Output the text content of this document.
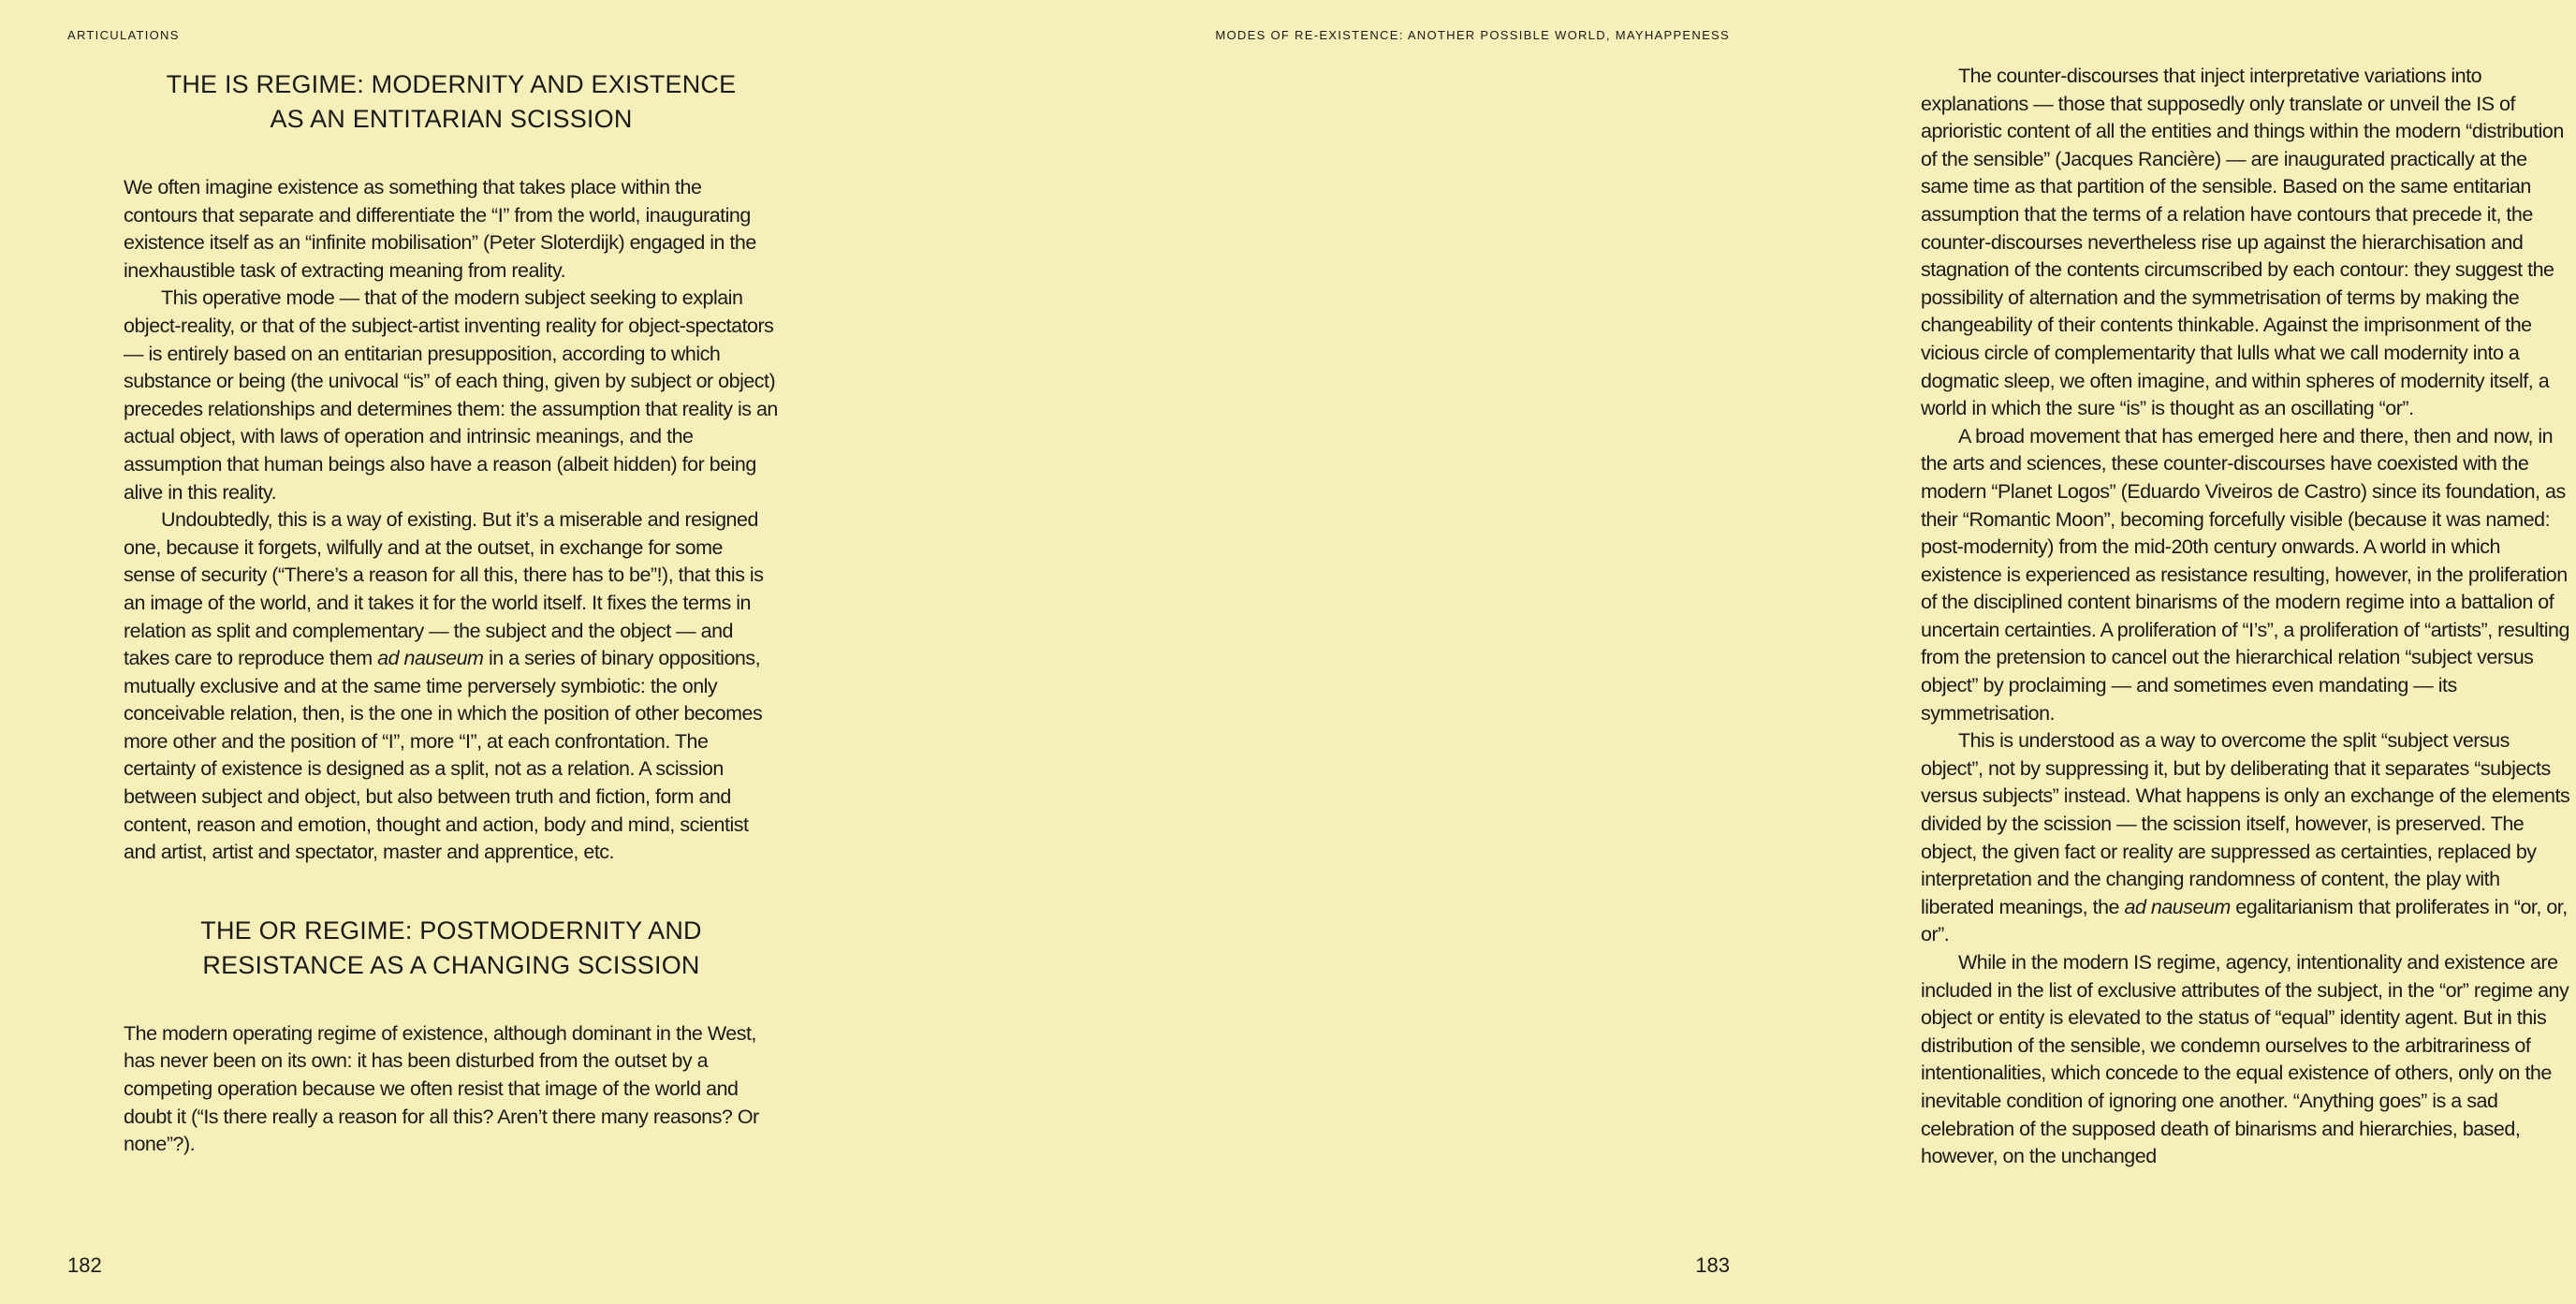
ARTICULATIONS
THE IS REGIME: MODERNITY AND EXISTENCE
AS AN ENTITARIAN SCISSION

We often imagine existence as something that takes place within the contours that separate and differentiate the “I” from the world, inaugurating existence itself as an “infinite mobilisation” (Peter Sloterdijk) engaged in the inexhaustible task of extracting meaning from reality.

This operative mode — that of the modern subject seeking to explain object-reality, or that of the subject-artist inventing reality for object-spectators — is entirely based on an entitarian presupposition, according to which substance or being (the univocal “is” of each thing, given by subject or object) precedes relationships and determines them: the assumption that reality is an actual object, with laws of operation and intrinsic meanings, and the assumption that human beings also have a reason (albeit hidden) for being alive in this reality.

Undoubtedly, this is a way of existing. But it’s a miserable and resigned one, because it forgets, wilfully and at the outset, in exchange for some sense of security (“There’s a reason for all this, there has to be”!), that this is an image of the world, and it takes it for the world itself. It fixes the terms in relation as split and complementary — the subject and the object — and takes care to reproduce them ad nauseum in a series of binary oppositions, mutually exclusive and at the same time perversely symbiotic: the only conceivable relation, then, is the one in which the position of other becomes more other and the position of “I”, more “I”, at each confrontation. The certainty of existence is designed as a split, not as a relation. A scission between subject and object, but also between truth and fiction, form and content, reason and emotion, thought and action, body and mind, scientist and artist, artist and spectator, master and apprentice, etc.

THE OR REGIME: POSTMODERNITY AND
RESISTANCE AS A CHANGING SCISSION

The modern operating regime of existence, although dominant in the West, has never been on its own: it has been disturbed from the outset by a competing operation because we often resist that image of the world and doubt it (“Is there really a reason for all this? Aren’t there many reasons? Or none”?).

182
MODES OF RE-EXISTENCE: ANOTHER POSSIBLE WORLD, MAYHAPPENESS

The counter-discourses that inject interpretative variations into explanations — those that supposedly only translate or unveil the IS of aprioristic content of all the entities and things within the modern “distribution of the sensible” (Jacques Rancière) — are inaugurated practically at the same time as that partition of the sensible. Based on the same entitarian assumption that the terms of a relation have contours that precede it, the counter-discourses nevertheless rise up against the hierarchisation and stagnation of the contents circumscribed by each contour: they suggest the possibility of alternation and the symmetrisation of terms by making the changeability of their contents thinkable. Against the imprisonment of the vicious circle of complementarity that lulls what we call modernity into a dogmatic sleep, we often imagine, and within spheres of modernity itself, a world in which the sure “is” is thought as an oscillating “or”.

A broad movement that has emerged here and there, then and now, in the arts and sciences, these counter-discourses have coexisted with the modern “Planet Logos” (Eduardo Viveiros de Castro) since its foundation, as their “Romantic Moon”, becoming forcefully visible (because it was named: post-modernity) from the mid-20th century onwards. A world in which existence is experienced as resistance resulting, however, in the proliferation of the disciplined content binarisms of the modern regime into a battalion of uncertain certainties. A proliferation of “I’s”, a proliferation of “artists”, resulting from the pretension to cancel out the hierarchical relation “subject versus object” by proclaiming — and sometimes even mandating — its symmetrisation.

This is understood as a way to overcome the split “subject versus object”, not by suppressing it, but by deliberating that it separates “subjects versus subjects” instead. What happens is only an exchange of the elements divided by the scission — the scission itself, however, is preserved. The object, the given fact or reality are suppressed as certainties, replaced by interpretation and the changing randomness of content, the play with liberated meanings, the ad nauseum egalitarianism that proliferates in “or, or, or”.

While in the modern IS regime, agency, intentionality and existence are included in the list of exclusive attributes of the subject, in the “or” regime any object or entity is elevated to the status of “equal” identity agent. But in this distribution of the sensible, we condemn ourselves to the arbitrariness of intentionalities, which concede to the equal existence of others, only on the inevitable condition of ignoring one another. “Anything goes” is a sad celebration of the supposed death of binarisms and hierarchies, based, however, on the unchanged

183
